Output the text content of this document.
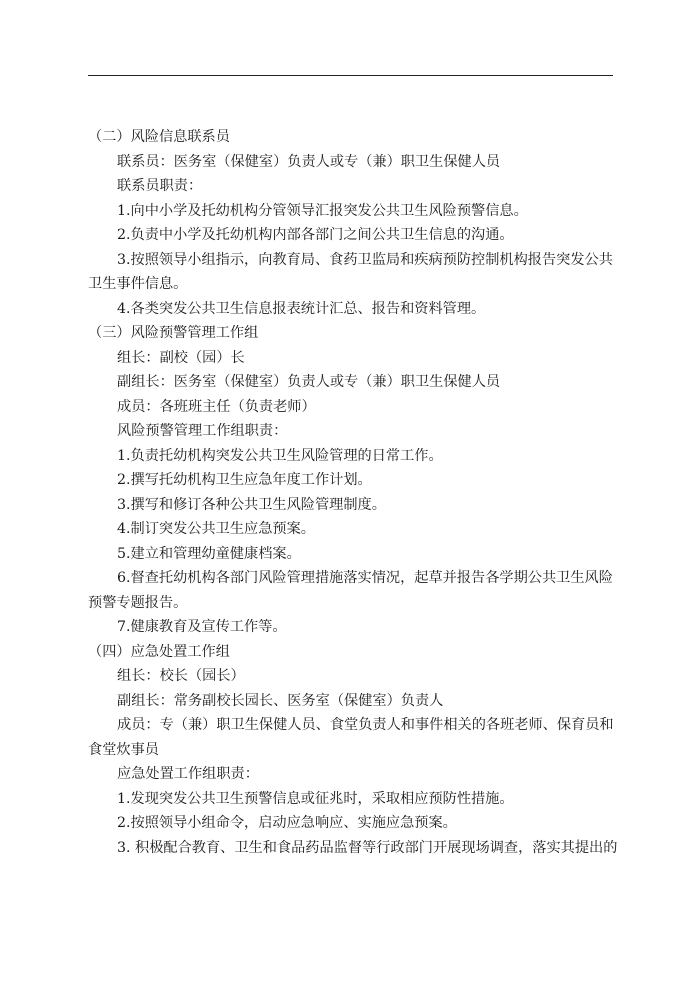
（二）风险信息联系员
联系员：医务室（保健室）负责人或专（兼）职卫生保健人员
联系员职责：
1.向中小学及托幼机构分管领导汇报突发公共卫生风险预警信息。
2.负责中小学及托幼机构内部各部门之间公共卫生信息的沟通。
3.按照领导小组指示，向教育局、食药卫监局和疾病预防控制机构报告突发公共
卫生事件信息。
4.各类突发公共卫生信息报表统计汇总、报告和资料管理。
（三）风险预警管理工作组
组长：副校（园）长
副组长：医务室（保健室）负责人或专（兼）职卫生保健人员
成员：各班班主任（负责老师）
风险预警管理工作组职责：
1.负责托幼机构突发公共卫生风险管理的日常工作。
2.撰写托幼机构卫生应急年度工作计划。
3.撰写和修订各种公共卫生风险管理制度。
4.制订突发公共卫生应急预案。
5.建立和管理幼童健康档案。
6.督查托幼机构各部门风险管理措施落实情况，起草并报告各学期公共卫生风险
预警专题报告。
7.健康教育及宣传工作等。
（四）应急处置工作组
组长：校长（园长）
副组长：常务副校长园长、医务室（保健室）负责人
成员：专（兼）职卫生保健人员、食堂负责人和事件相关的各班老师、保育员和
食堂炊事员
应急处置工作组职责：
1.发现突发公共卫生预警信息或征兆时，采取相应预防性措施。
2.按照领导小组命令，启动应急响应、实施应急预案。
3. 积极配合教育、卫生和食品药品监督等行政部门开展现场调查，落实其提出的
